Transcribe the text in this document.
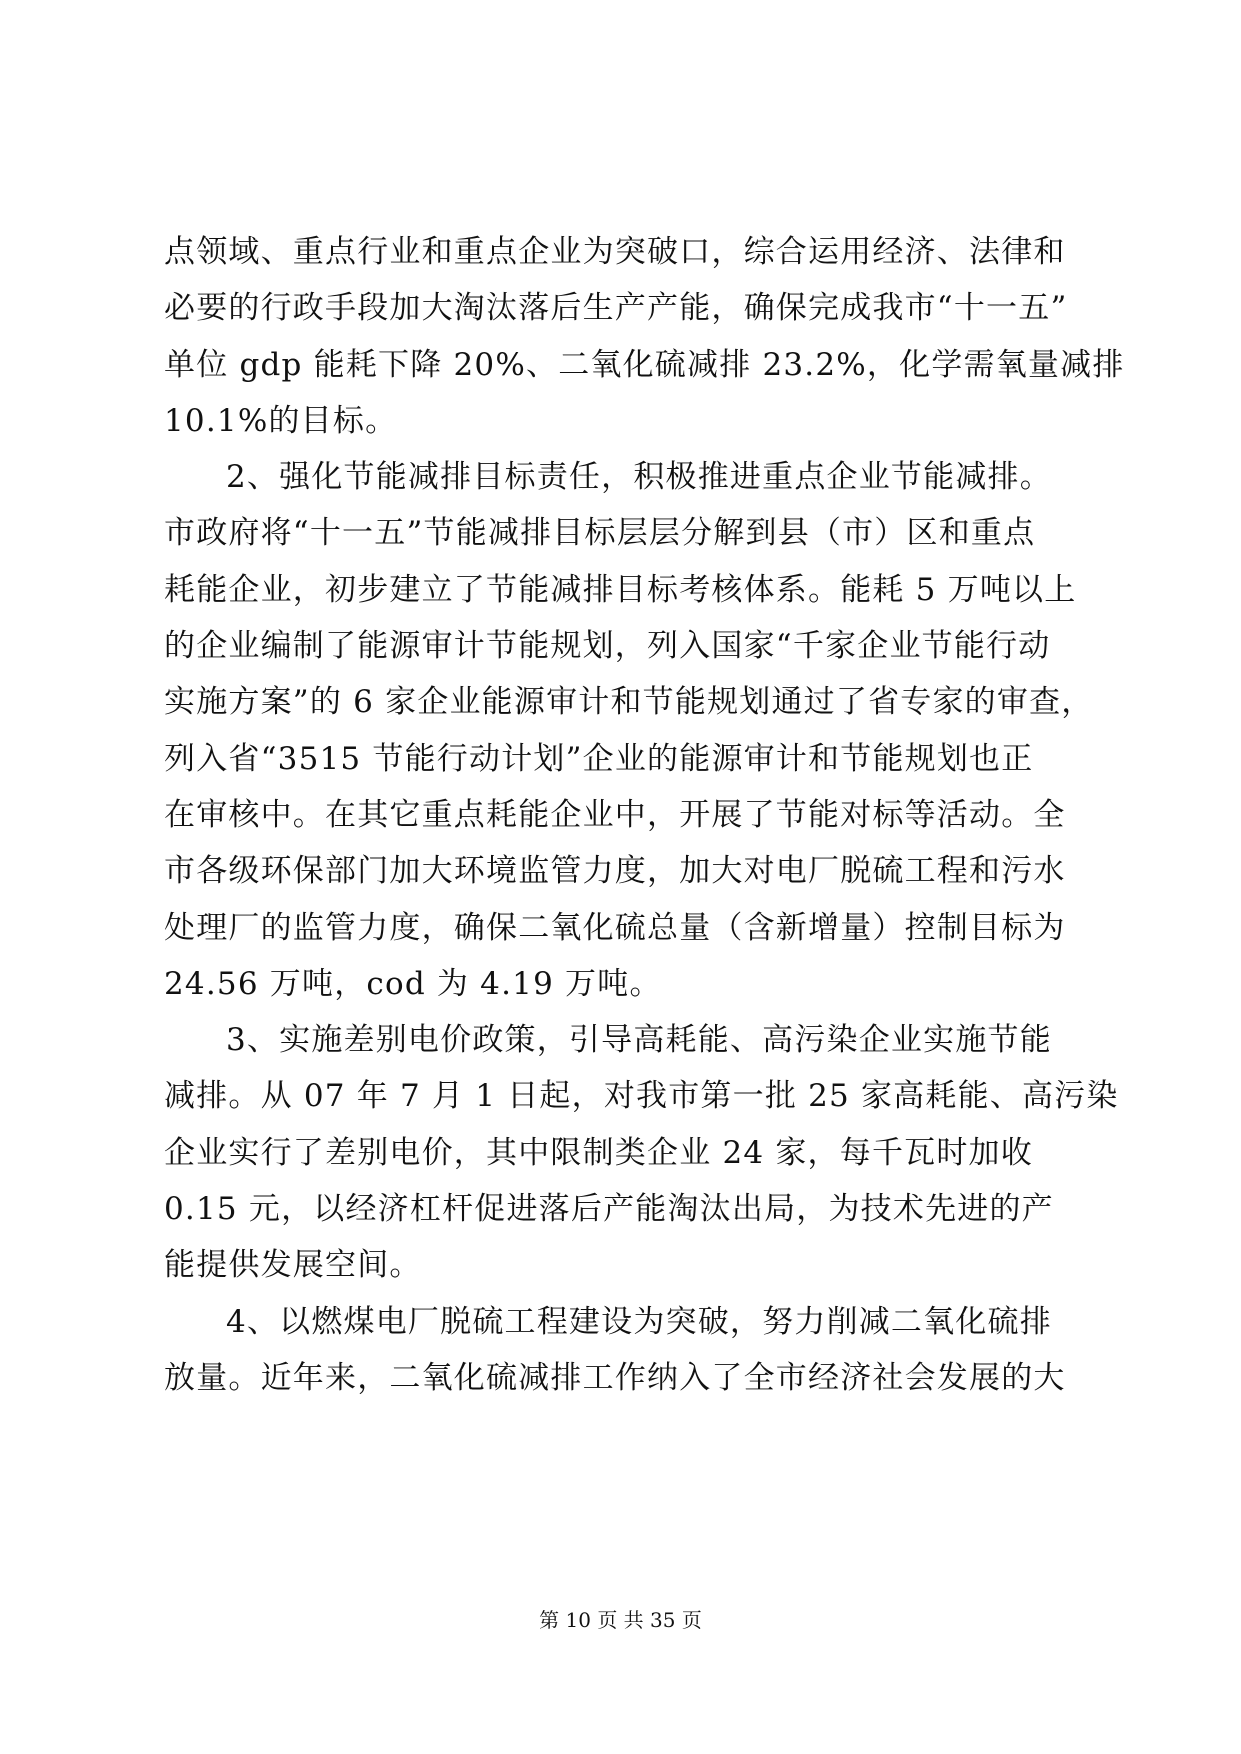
点领域、重点行业和重点企业为突破口，综合运用经济、法律和
必要的行政手段加大淘汰落后生产产能，确保完成我市“十一五”
单位 gdp 能耗下降 20%、二氧化硫减排 23.2%，化学需氧量减排
10.1%的目标。
2、强化节能减排目标责任，积极推进重点企业节能减排。
市政府将“十一五”节能减排目标层层分解到县（市）区和重点
耗能企业，初步建立了节能减排目标考核体系。能耗 5 万吨以上
的企业编制了能源审计节能规划，列入国家“千家企业节能行动
实施方案”的 6 家企业能源审计和节能规划通过了省专家的审查，
列入省“3515 节能行动计划”企业的能源审计和节能规划也正
在审核中。在其它重点耗能企业中，开展了节能对标等活动。全
市各级环保部门加大环境监管力度，加大对电厂脱硫工程和污水
处理厂的监管力度，确保二氧化硫总量（含新增量）控制目标为
24.56 万吨，cod 为 4.19 万吨。
3、实施差别电价政策，引导高耗能、高污染企业实施节能
减排。从 07 年 7 月 1 日起，对我市第一批 25 家高耗能、高污染
企业实行了差别电价，其中限制类企业 24 家，每千瓦时加收
0.15 元，以经济杠杆促进落后产能淘汰出局，为技术先进的产
能提供发展空间。
4、以燃煤电厂脱硫工程建设为突破，努力削减二氧化硫排
放量。近年来，二氧化硫减排工作纳入了全市经济社会发展的大
第 10 页 共 35 页
